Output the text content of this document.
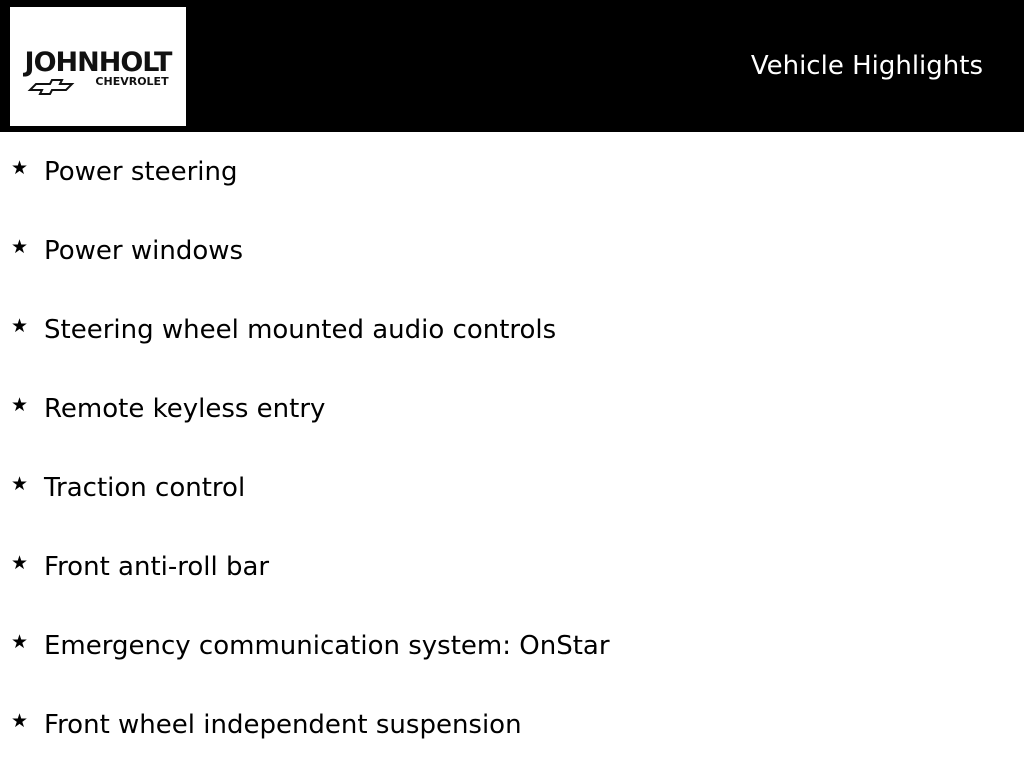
JOHNHOLT
CHEVROLET
Vehicle Highlights
★ Power steering
★ Power windows
★ Steering wheel mounted audio controls
★ Remote keyless entry
★ Traction control
★ Front anti-roll bar
★ Emergency communication system: OnStar
★ Front wheel independent suspension
